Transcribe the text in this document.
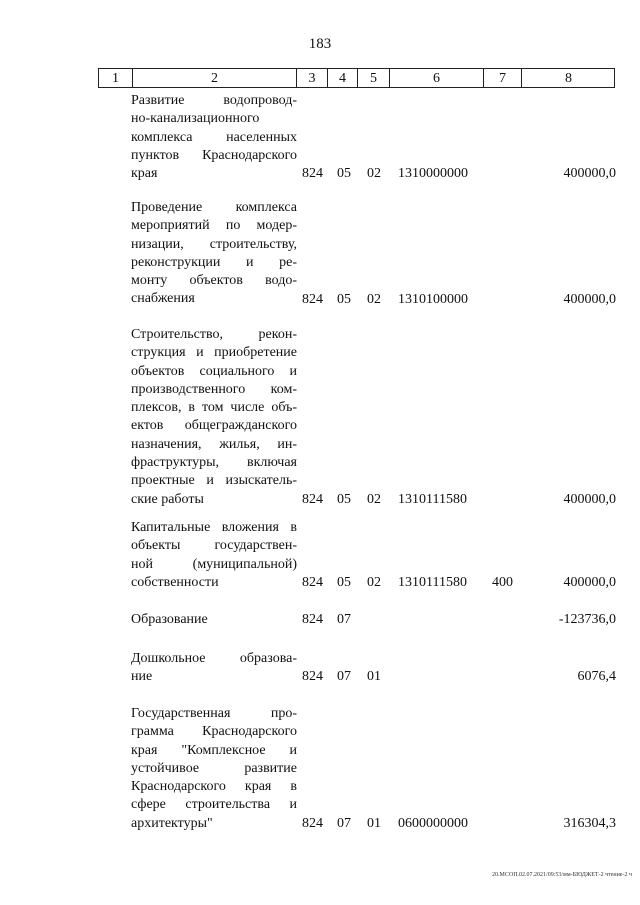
183
1	2	3	4	5	6	7	8
Развитие водопровод-
но-канализационного
комплекса населенных
пунктов Краснодарского
края	824 05 02 1310000000	400000,0
Проведение комплекса
мероприятий по модер-
низации, строительству,
реконструкции и ре-
монту объектов водо-
снабжения	824 05 02 1310100000	400000,0
Строительство, рекон-
струкция и приобретение
объектов социального и
производственного ком-
плексов, в том числе объ-
ектов общегражданского
назначения, жилья, ин-
фраструктуры, включая
проектные и изыскатель-
ские работы	824 05 02 1310111580	400000,0
Капитальные вложения в
объекты государствен-
ной (муниципальной)
собственности	824 05 02 1310111580 400	400000,0
Образование	824 07	-123736,0
Дошкольное образова-
ние	824 07 01	6076,4
Государственная про-
грамма Краснодарского
края "Комплексное и
устойчивое развитие
Краснодарского края в
сфере строительства и
архитектуры"	824 07 01 0600000000	316304,3
20.МСОП.02.07.2021/09:53/мм-БЮДЖЕТ-2 чтение-2 ч
